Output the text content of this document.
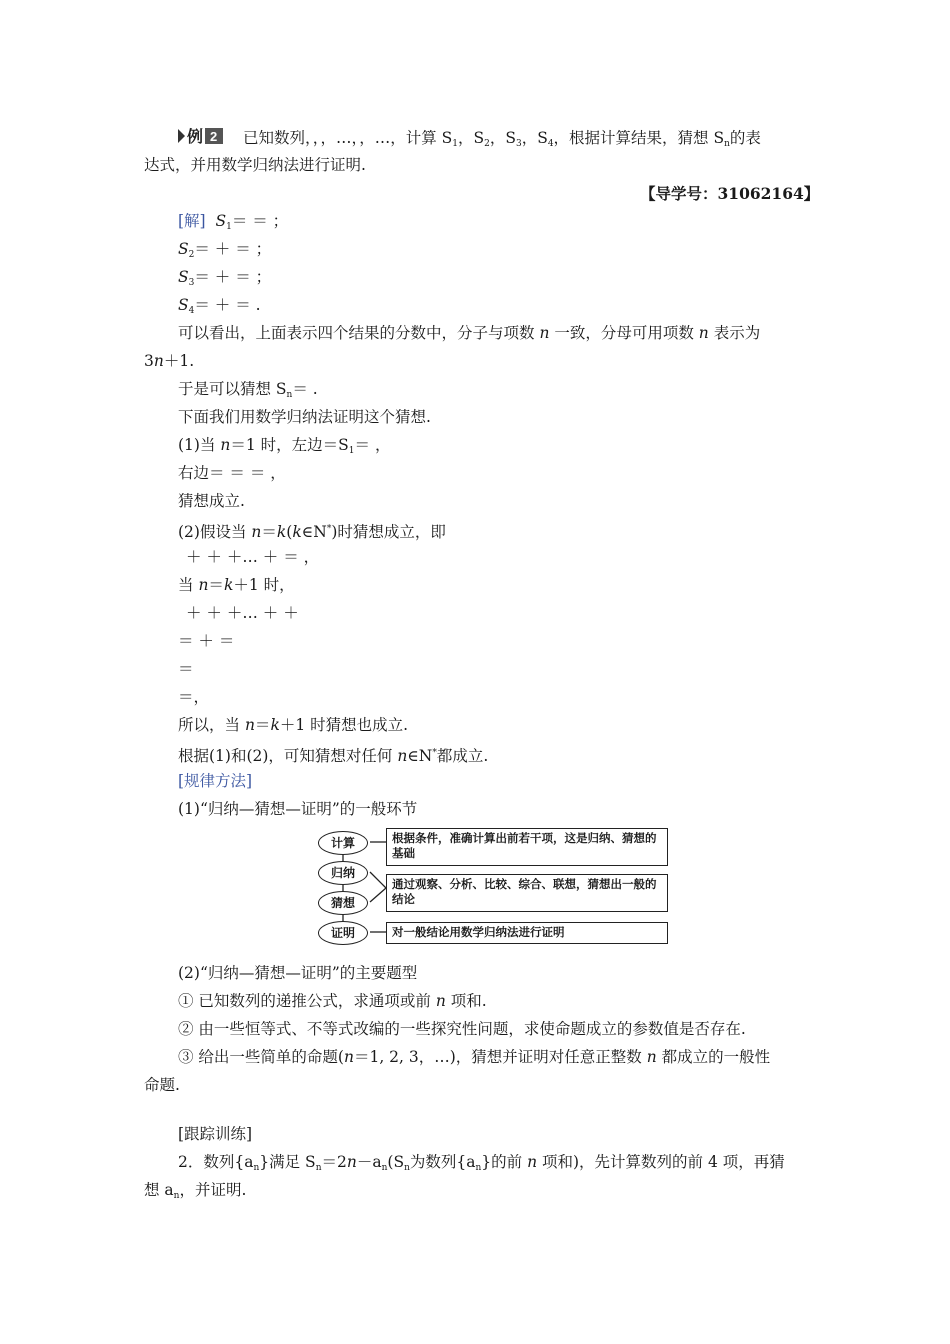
例 2 已知数列，，，…，，…，计算 $S_1$，$S_2$，$S_3$，$S_4$，根据计算结果，猜想 $S_n$的表
达式，并用数学归纳法进行证明.
【导学号：31062164】
[解] $S_1=$ ＝ ；
$S_2=$ ＋ ＝ ；
$S_3=$ ＋ ＝ ；
$S_4=$ ＋ ＝ .
可以看出，上面表示四个结果的分数中，分子与项数 n 一致，分母可用项数 n 表示为
3n＋1.
于是可以猜想 $S_n=$ .
下面我们用数学归纳法证明这个猜想.
(1)当 n＝1 时，左边$=S_1=$ ，
右边＝ ＝ ＝ ，
猜想成立.
(2)假设当 n＝k(k∈N*)时猜想成立，即
＋ ＋ ＋… ＋ ＝ ，
当 n＝k＋1 时，
＋ ＋ ＋… ＋ ＋
＝ ＋ ＝
＝
＝，
所以，当 n＝k＋1 时猜想也成立.
根据(1)和(2)，可知猜想对任何 n∈N*都成立.
[规律方法]
(1)“归纳—猜想—证明”的一般环节
计算
归纳
猜想
证明
根据条件，准确计算出前若干项，这是归纳、猜想的基础
通过观察、分析、比较、综合、联想，猜想出一般的结论
对一般结论用数学归纳法进行证明
(2)“归纳—猜想—证明”的主要题型
① 已知数列的递推公式，求通项或前 n 项和.
② 由一些恒等式、不等式改编的一些探究性问题，求使命题成立的参数值是否存在.
③ 给出一些简单的命题(n＝1, 2, 3，…)，猜想并证明对任意正整数 n 都成立的一般性
命题.
[跟踪训练]
2．数列$\{a_n\}$满足 $S_n=2n-a_n(S_n$为数列$\{a_n\}$的前 n 项和)，先计算数列的前 4 项，再猜
想 $a_n$，并证明.
